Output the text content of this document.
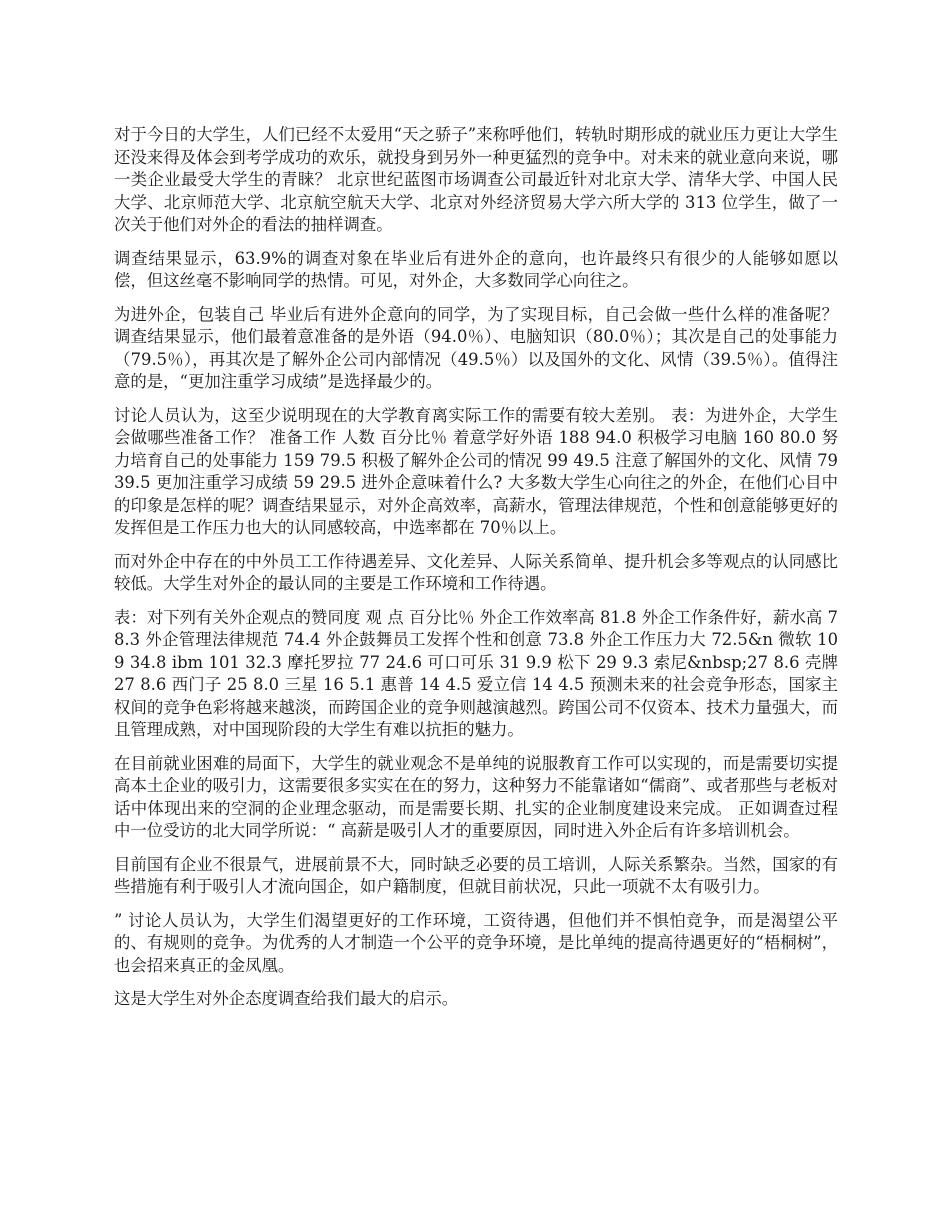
对于今日的大学生，人们已经不太爱用“天之骄子”来称呼他们，转轨时期形成的就业压力更让大学生还没来得及体会到考学成功的欢乐，就投身到另外一种更猛烈的竞争中。对未来的就业意向来说，哪一类企业最受大学生的青睐？ 北京世纪蓝图市场调查公司最近针对北京大学、清华大学、中国人民大学、北京师范大学、北京航空航天大学、北京对外经济贸易大学六所大学的 313 位学生，做了一次关于他们对外企的看法的抽样调查。

调查结果显示，63.9%的调查对象在毕业后有进外企的意向，也许最终只有很少的人能够如愿以偿，但这丝毫不影响同学的热情。可见，对外企，大多数同学心向往之。

为进外企，包装自己 毕业后有进外企意向的同学，为了实现目标，自己会做一些什么样的准备呢？调查结果显示，他们最着意准备的是外语（94.0％）、电脑知识（80.0％）；其次是自己的处事能力（79.5％），再其次是了解外企公司内部情况（49.5％）以及国外的文化、风情（39.5％）。值得注意的是，“更加注重学习成绩”是选择最少的。

讨论人员认为，这至少说明现在的大学教育离实际工作的需要有较大差别。 表：为进外企，大学生会做哪些准备工作？ 准备工作 人数 百分比％ 着意学好外语 188 94.0 积极学习电脑 160 80.0 努力培育自己的处事能力 159 79.5 积极了解外企公司的情况 99 49.5 注意了解国外的文化、风情 79 39.5 更加注重学习成绩 59 29.5 进外企意味着什么? 大多数大学生心向往之的外企，在他们心目中的印象是怎样的呢？调查结果显示，对外企高效率，高薪水，管理法律规范，个性和创意能够更好的发挥但是工作压力也大的认同感较高，中选率都在 70％以上。

而对外企中存在的中外员工工作待遇差异、文化差异、人际关系简单、提升机会多等观点的认同感比较低。大学生对外企的最认同的主要是工作环境和工作待遇。

表：对下列有关外企观点的赞同度 观 点 百分比％ 外企工作效率高 81.8 外企工作条件好，薪水高 78.3 外企管理法律规范 74.4 外企鼓舞员工发挥个性和创意 73.8 外企工作压力大 72.5&n 微软 109 34.8 ibm 101 32.3 摩托罗拉 77 24.6 可口可乐 31 9.9 松下 29 9.3 索尼&nbsp;27 8.6 壳牌 27 8.6 西门子 25 8.0 三星 16 5.1 惠普 14 4.5 爱立信 14 4.5 预测未来的社会竞争形态，国家主权间的竞争色彩将越来越淡，而跨国企业的竞争则越演越烈。跨国公司不仅资本、技术力量强大，而且管理成熟，对中国现阶段的大学生有难以抗拒的魅力。

在目前就业困难的局面下，大学生的就业观念不是单纯的说服教育工作可以实现的，而是需要切实提高本土企业的吸引力，这需要很多实实在在的努力，这种努力不能靠诸如“儒商”、或者那些与老板对话中体现出来的空洞的企业理念驱动，而是需要长期、扎实的企业制度建设来完成。 正如调查过程中一位受访的北大同学所说：“ 高薪是吸引人才的重要原因，同时进入外企后有许多培训机会。

目前国有企业不很景气，进展前景不大，同时缺乏必要的员工培训，人际关系繁杂。当然，国家的有些措施有利于吸引人才流向国企，如户籍制度，但就目前状况，只此一项就不太有吸引力。

” 讨论人员认为，大学生们渴望更好的工作环境，工资待遇，但他们并不惧怕竞争，而是渴望公平的、有规则的竞争。为优秀的人才制造一个公平的竞争环境，是比单纯的提高待遇更好的“梧桐树”，也会招来真正的金凤凰。

这是大学生对外企态度调查给我们最大的启示。
